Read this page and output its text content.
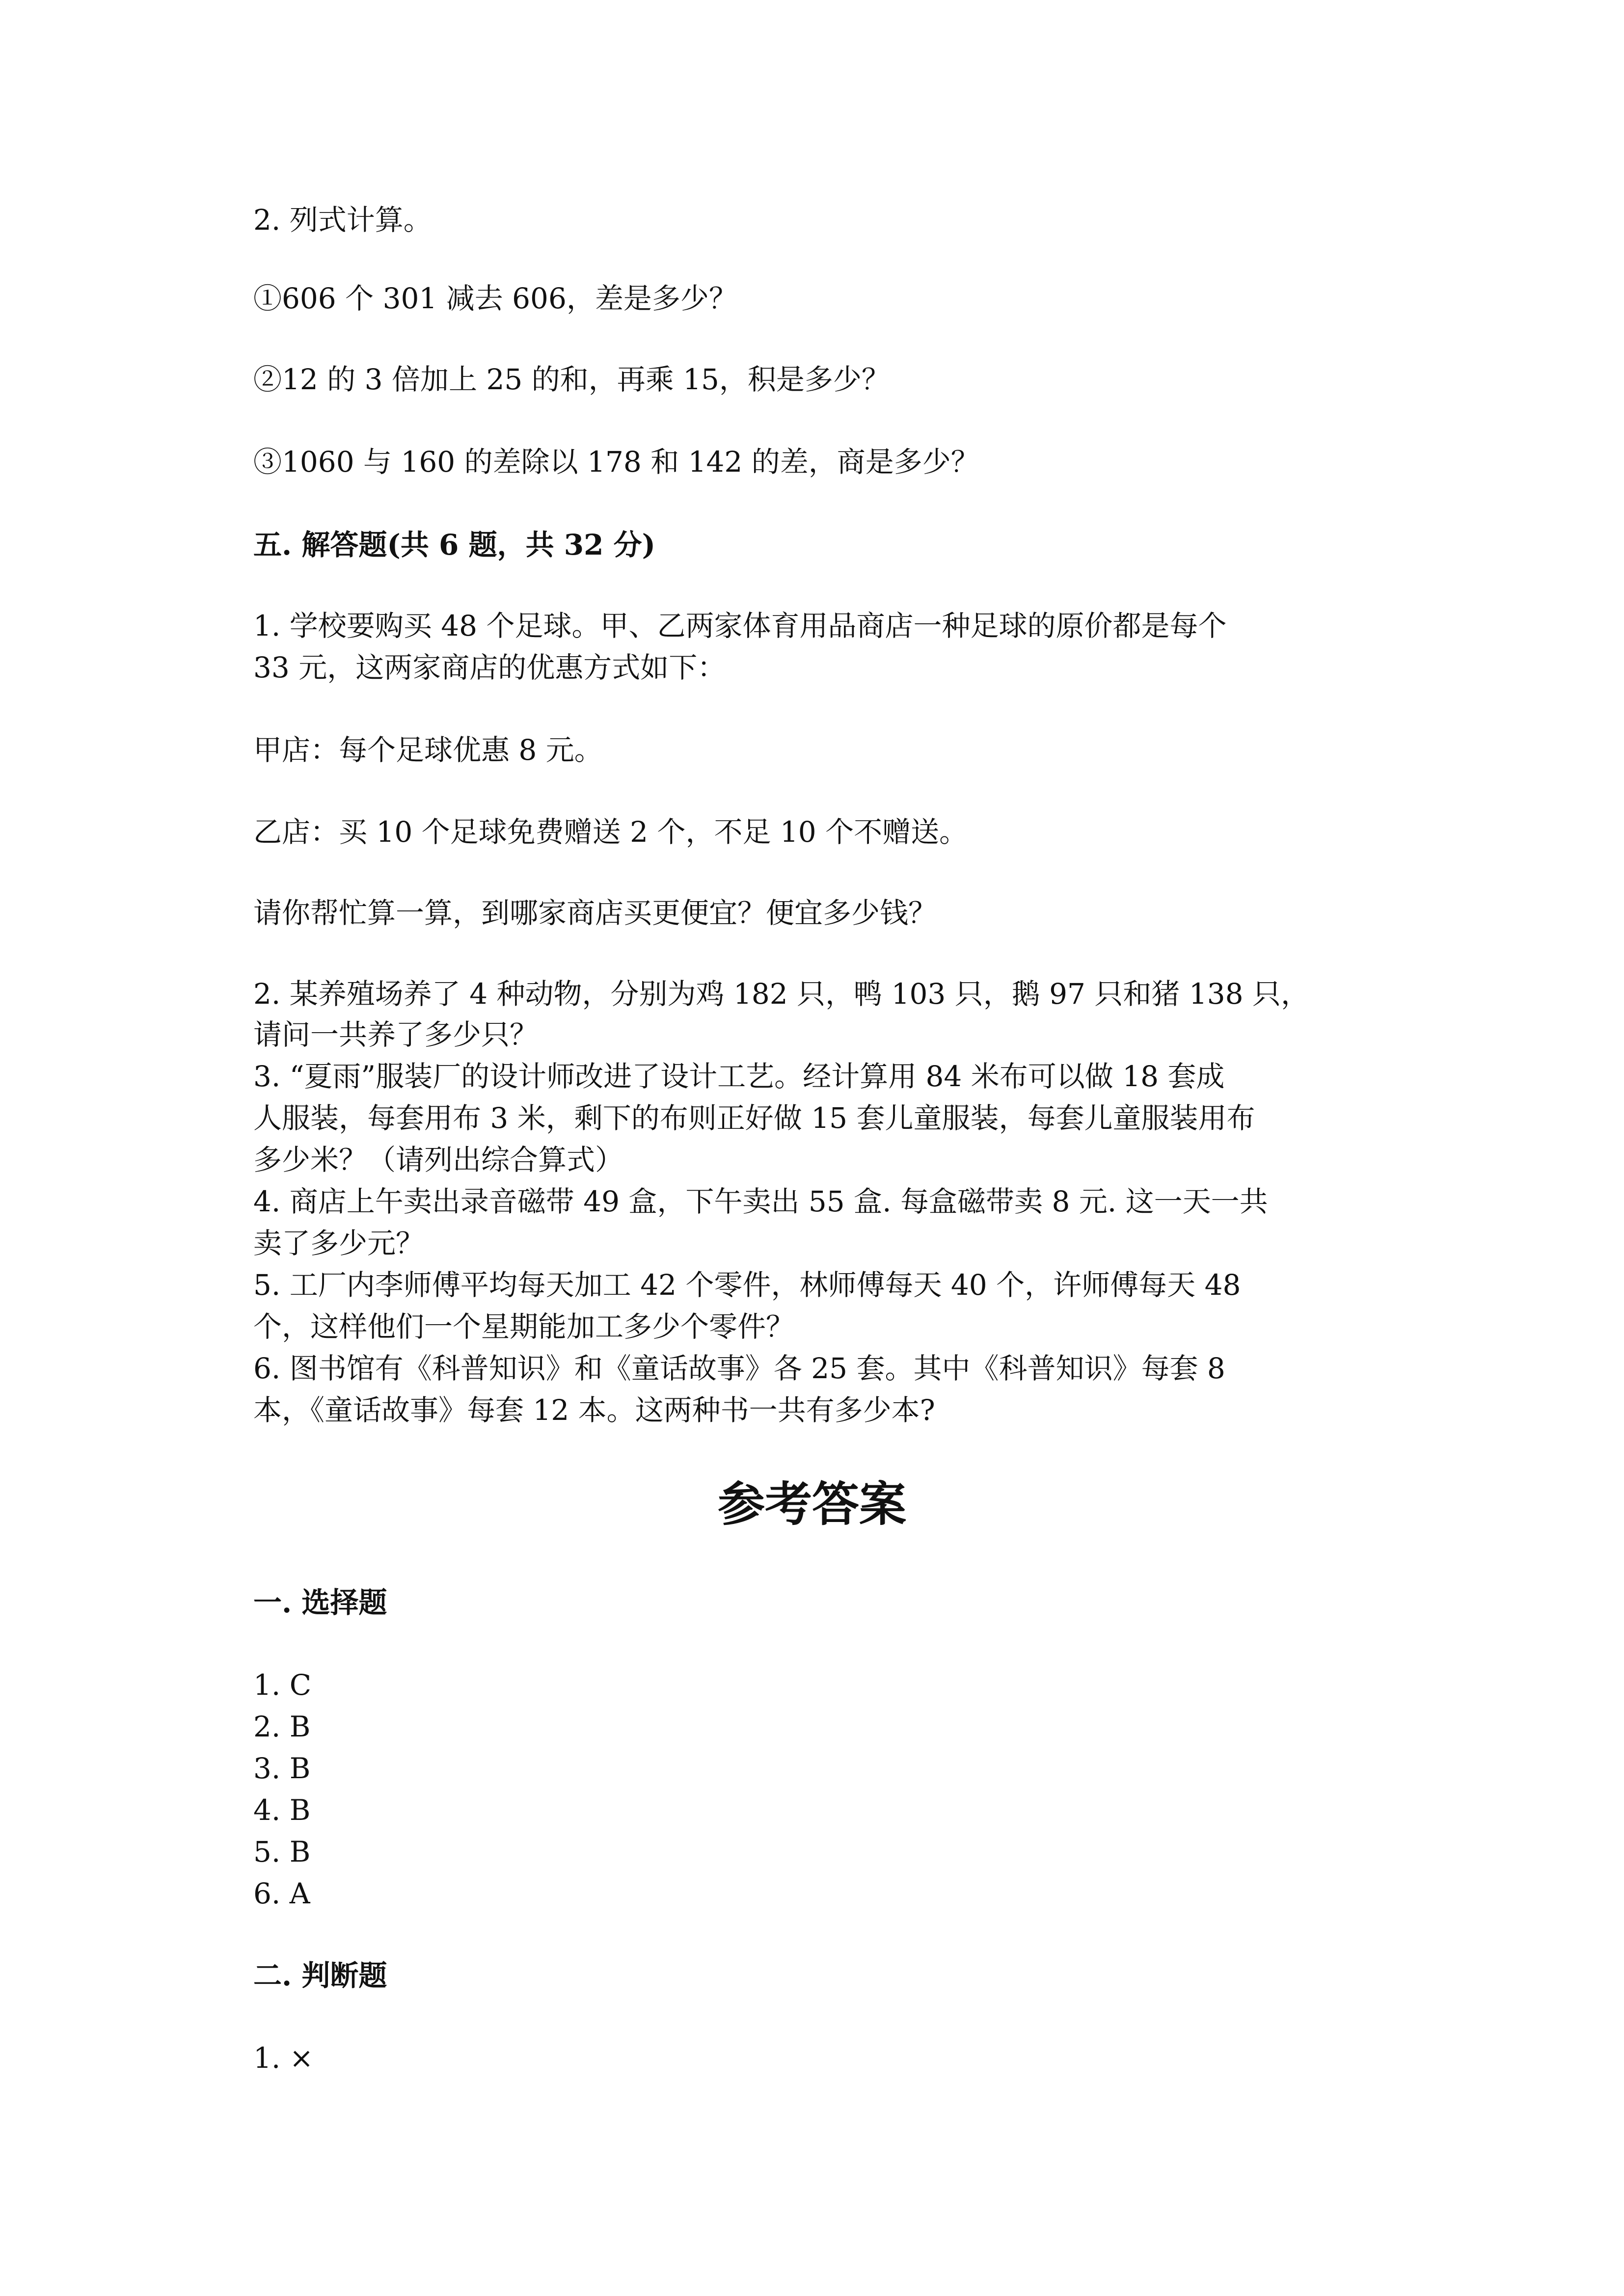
2. 列式计算。

①606 个 301 减去 606，差是多少？

②12 的 3 倍加上 25 的和，再乘 15，积是多少？

③1060 与 160 的差除以 178 和 142 的差，商是多少？

五. 解答题(共 6 题，共 32 分)

1. 学校要购买 48 个足球。甲、乙两家体育用品商店一种足球的原价都是每个

33 元，这两家商店的优惠方式如下：

甲店：每个足球优惠 8 元。

乙店：买 10 个足球免费赠送 2 个，不足 10 个不赠送。

请你帮忙算一算，到哪家商店买更便宜？便宜多少钱？

2. 某养殖场养了 4 种动物，分别为鸡 182 只，鸭 103 只，鹅 97 只和猪 138 只，

请问一共养了多少只？

3. “夏雨”服装厂的设计师改进了设计工艺。经计算用 84 米布可以做 18 套成

人服装，每套用布 3 米，剩下的布则正好做 15 套儿童服装，每套儿童服装用布

多少米？（请列出综合算式）

4. 商店上午卖出录音磁带 49 盒，下午卖出 55 盒. 每盒磁带卖 8 元. 这一天一共

卖了多少元？

5. 工厂内李师傅平均每天加工 42 个零件，林师傅每天 40 个，许师傅每天 48

个，这样他们一个星期能加工多少个零件？

6. 图书馆有《科普知识》和《童话故事》各 25 套。其中《科普知识》每套 8

本，《童话故事》每套 12 本。这两种书一共有多少本?

参考答案

一. 选择题

1. C

2. B

3. B

4. B

5. B

6. A

二. 判断题

1. ×
